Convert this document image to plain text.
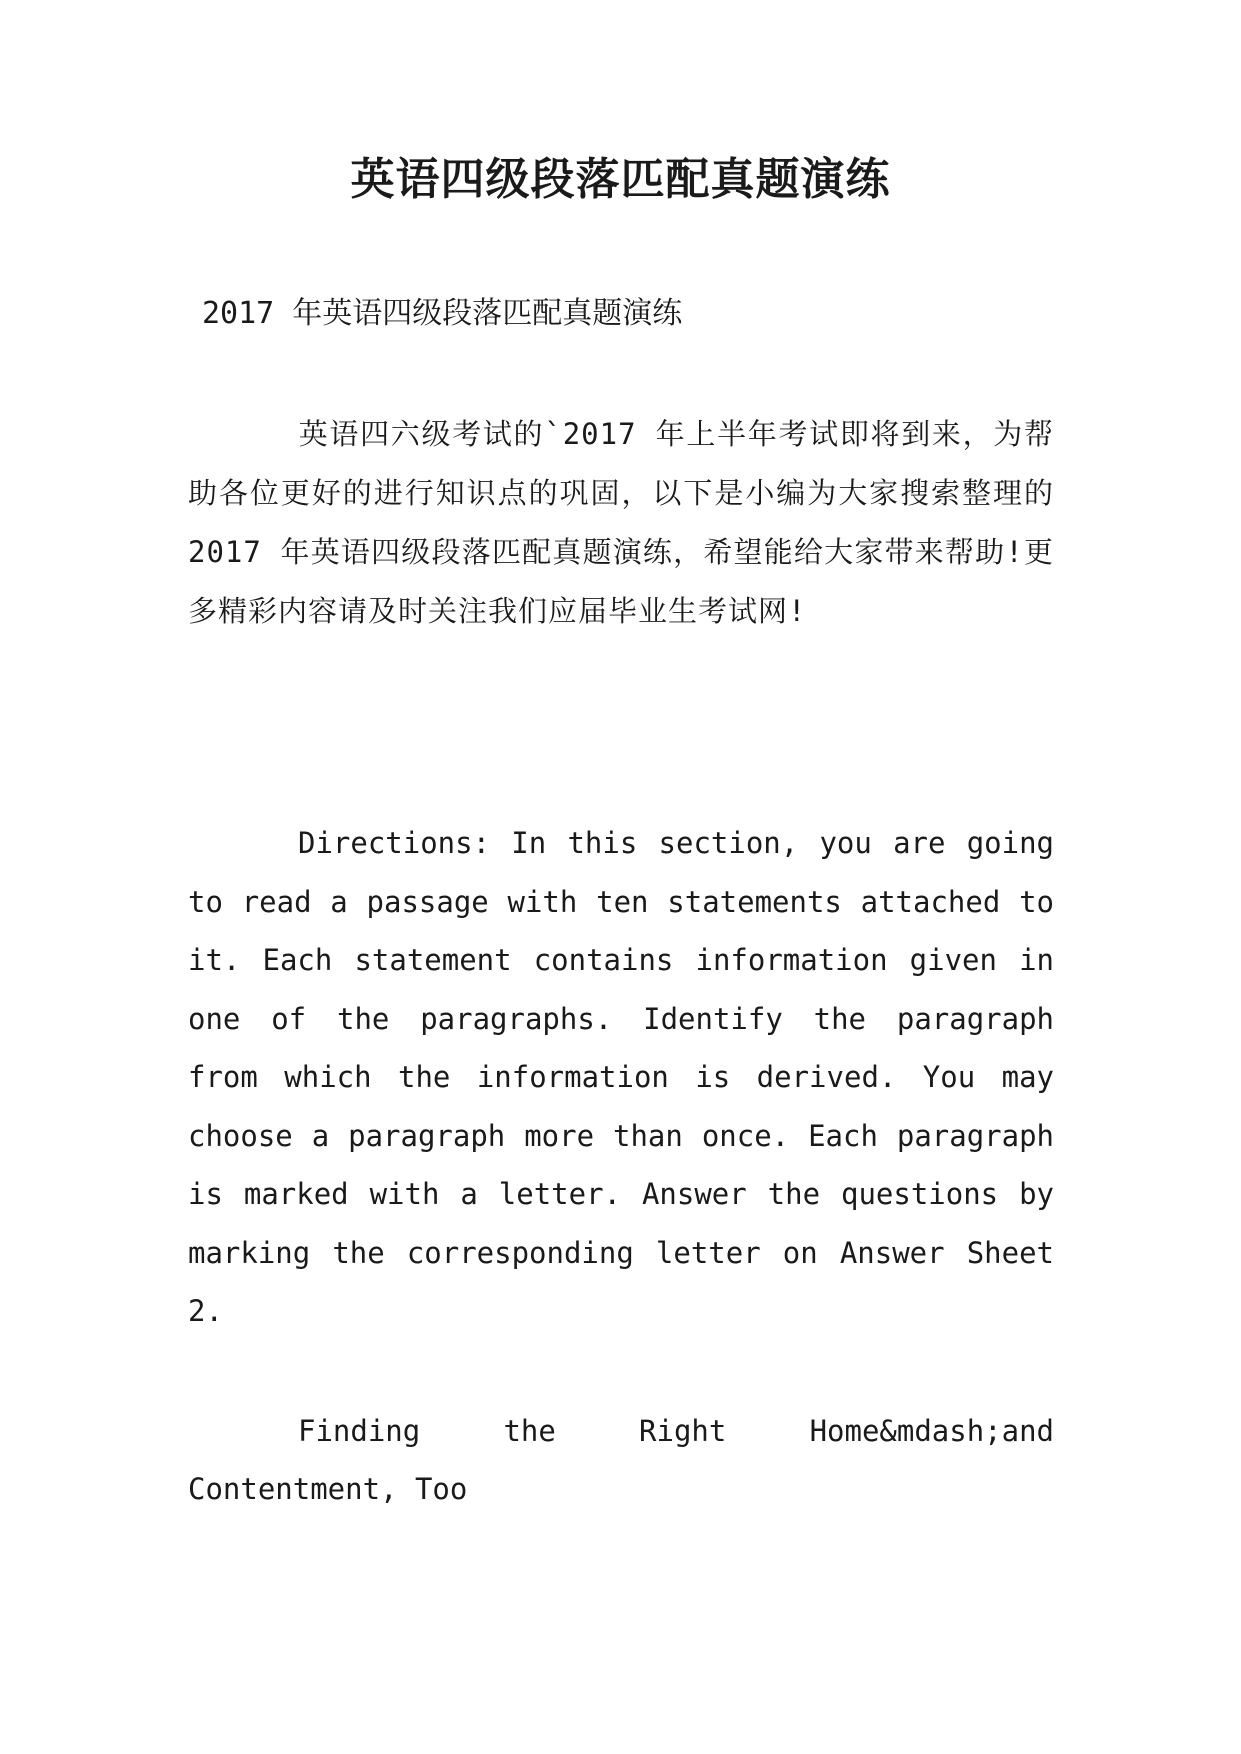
英语四级段落匹配真题演练

2017 年英语四级段落匹配真题演练

英语四六级考试的`2017 年上半年考试即将到来，为帮助各位更好的进行知识点的巩固，以下是小编为大家搜索整理的 2017 年英语四级段落匹配真题演练，希望能给大家带来帮助!更多精彩内容请及时关注我们应届毕业生考试网!

Directions: In this section, you are going to read a passage with ten statements attached to it. Each statement contains information given in one of the paragraphs. Identify the paragraph from which the information is derived. You may choose a paragraph more than once. Each paragraph is marked with a letter. Answer the questions by marking the corresponding letter on Answer Sheet 2.

Finding the Right Home&mdash;and Contentment, Too
